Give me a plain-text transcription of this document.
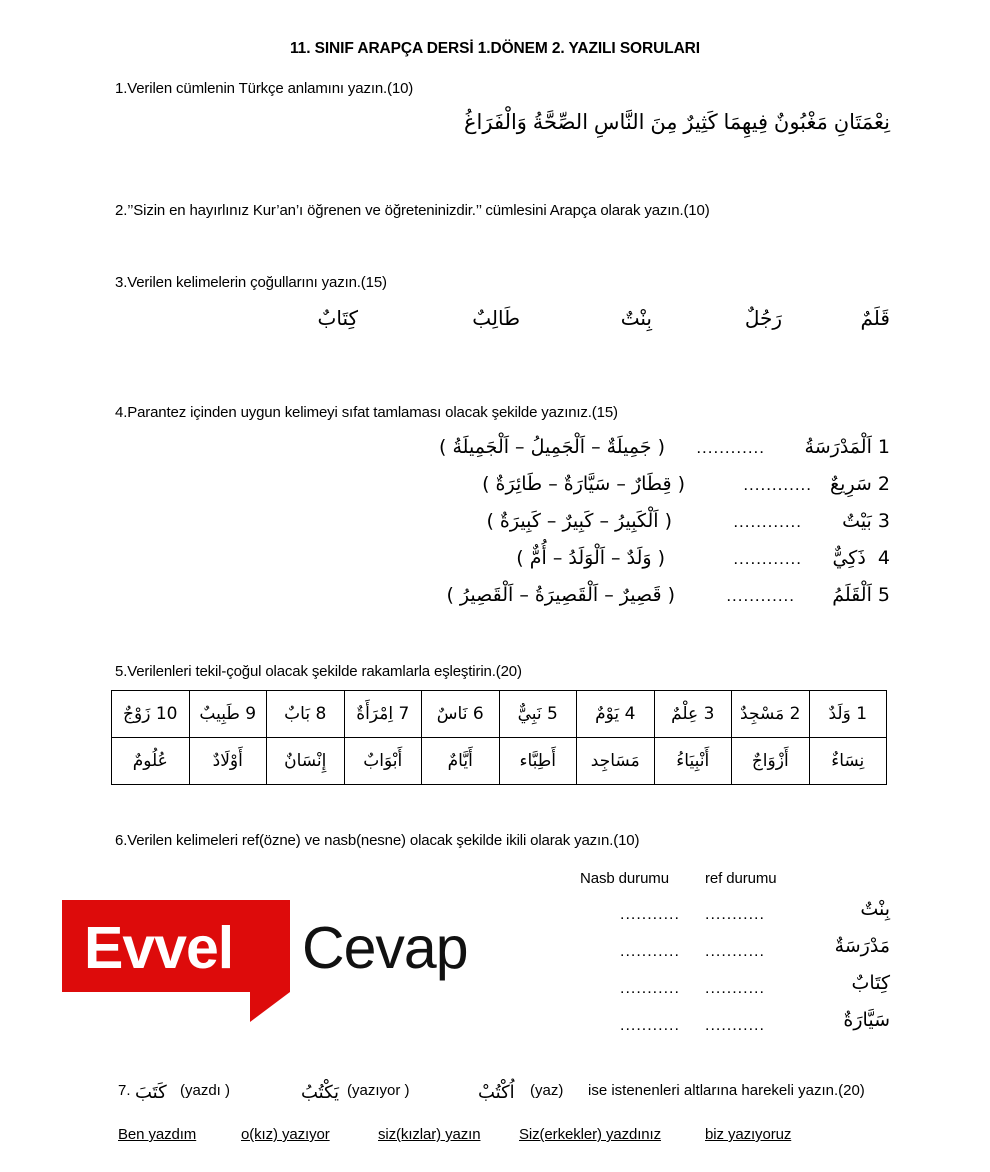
11. SINIF ARAPÇA DERSİ 1.DÖNEM 2. YAZILI SORULARI
1.Verilen cümlenin Türkçe anlamını yazın.(10)
نِعْمَتَانِ مَغْبُونٌ فِيهِمَا كَثِيرٌ مِنَ النَّاسِ الصِّحَّةُ وَالْفَرَاغُ
2.’’Sizin en hayırlınız Kur’an’ı öğrenen ve öğreteninizdir.’’ cümlesini Arapça olarak yazın.(10)
3.Verilen kelimelerin çoğullarını yazın.(15)
قَلَمٌ
رَجُلٌ
بِنْتٌ
طَالِبٌ
كِتَابٌ
4.Parantez içinden uygun kelimeyi sıfat tamlaması olacak şekilde yazınız.(15)
1 اَلْمَدْرَسَةُ
............
( جَمِيلَةٌ – اَلْجَمِيلُ – اَلْجَمِيلَةُ )
2 سَرِيعٌ
............
( قِطَارٌ – سَيَّارَةٌ – طَائِرَةٌ )
3 بَيْتٌ
............
( اَلْكَبِيرُ – كَبِيرٌ – كَبِيرَةٌ )
4  ذَكِيٌّ
............
( وَلَدٌ – اَلْوَلَدُ – أُمٌّ )
5 اَلْقَلَمُ
............
( قَصِيرٌ – اَلْقَصِيرَةُ – اَلْقَصِيرُ )
5.Verilenleri tekil-çoğul olacak şekilde rakamlarla eşleştirin.(20)
1 وَلَدٌ	2 مَسْجِدٌ	3 عِلْمٌ	4 يَوْمٌ	5 نَبِيٌّ	6 نَاسٌ	7 اِمْرَأَةٌ	8 بَابٌ	9 طَبِيبٌ	10 زَوْجٌ
نِسَاءٌ	أَزْوَاجٌ	أَنْبِيَاءُ	مَسَاجِد	أَطِبَّاء	أَيَّامٌ	أَبْوَابٌ	إِنْسَانٌ	أَوْلَادٌ	عُلُومٌ
6.Verilen kelimeleri ref(özne) ve nasb(nesne) olacak şekilde ikili olarak yazın.(10)
Nasb durumu ref durumu
بِنْتٌ
...........
...........
مَدْرَسَةٌ
...........
...........
كِتَابٌ
...........
...........
سَيَّارَةٌ
...........
...........
Evvel Cevap
7. كَتَبَ (yazdı )	يَكْتُبُ (yazıyor )	اُكْتُبْ (yaz) ise istenenleri altlarına harekeli yazın.(20)
Ben yazdım	o(kız) yazıyor	siz(kızlar) yazın	Siz(erkekler) yazdınız	biz yazıyoruz
